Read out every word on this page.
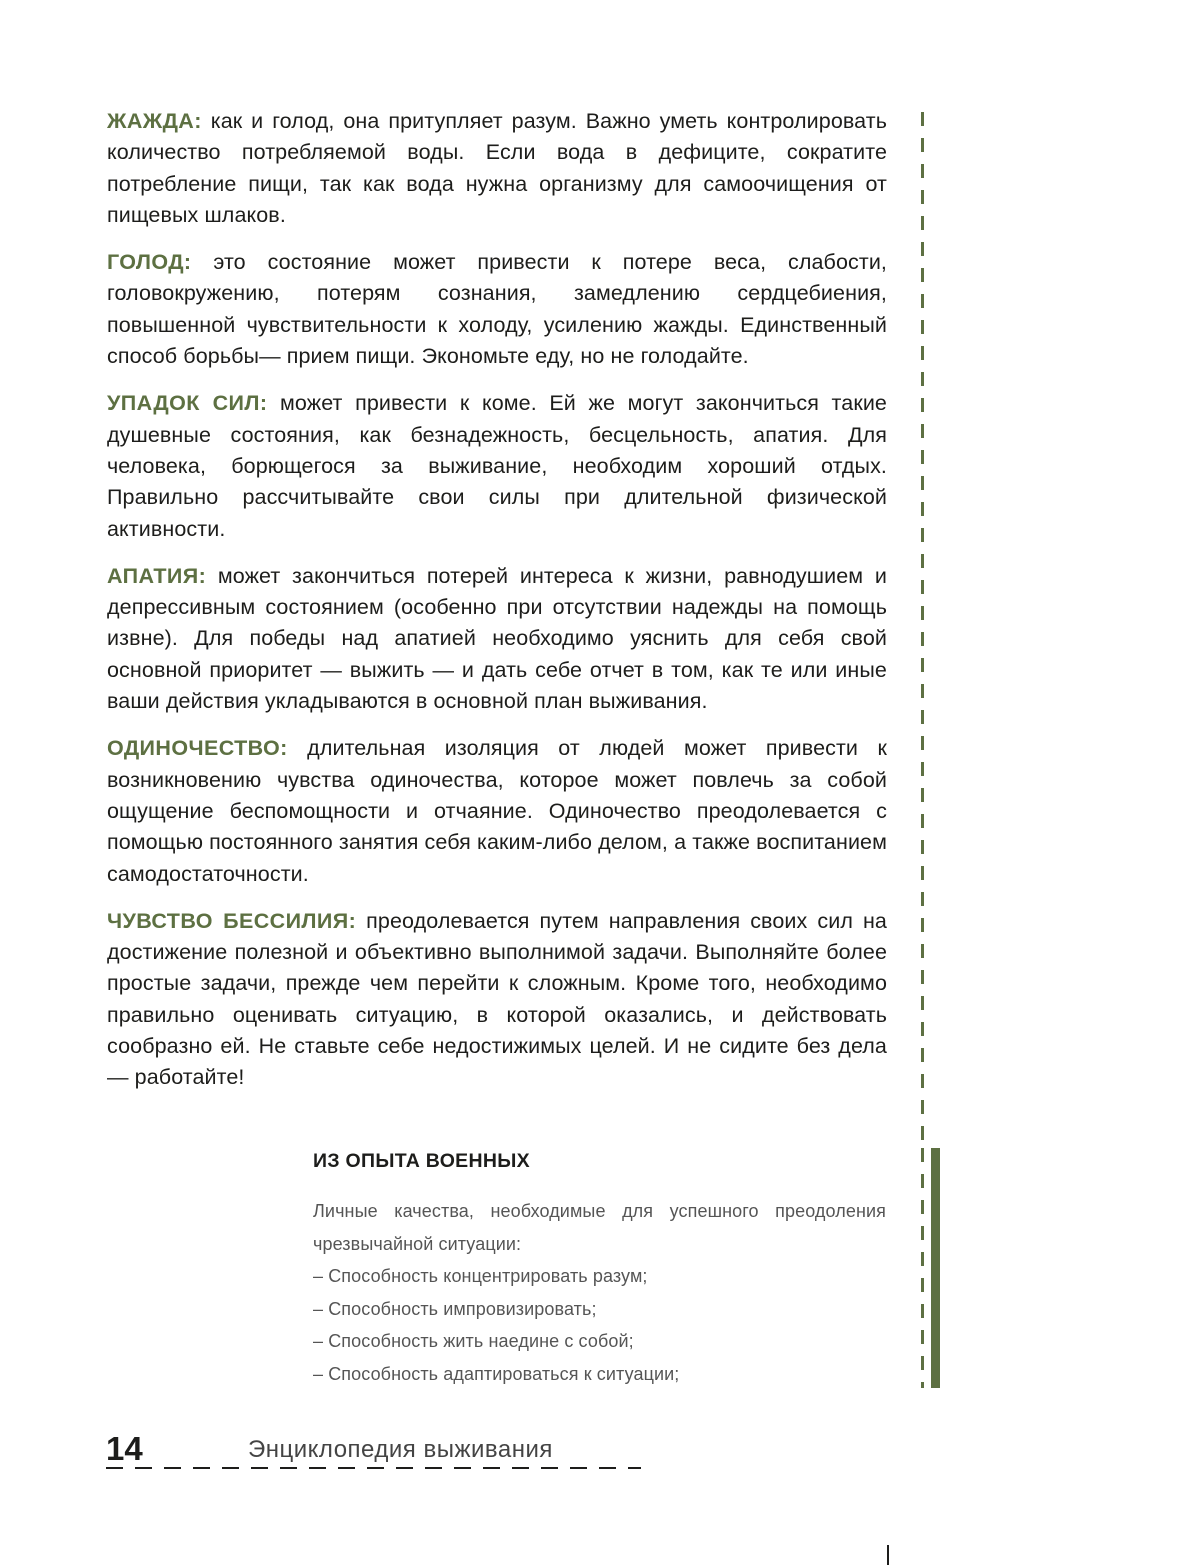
ЖАЖДА: как и голод, она притупляет разум. Важно уметь контролировать количество потребляемой воды. Если вода в дефиците, сократите потребление пищи, так как вода нужна организму для самоочищения от пищевых шлаков.

ГОЛОД: это состояние может привести к потере веса, слабости, головокружению, потерям сознания, замедлению сердцебиения, повышенной чувствительности к холоду, усилению жажды. Единственный способ борьбы— прием пищи. Экономьте еду, но не голодайте.

УПАДОК СИЛ: может привести к коме. Ей же могут закончиться такие душевные состояния, как безнадежность, бесцельность, апатия. Для человека, борющегося за выживание, необходим хороший отдых. Правильно рассчитывайте свои силы при длительной физической активности.

АПАТИЯ: может закончиться потерей интереса к жизни, равнодушием и депрессивным состоянием (особенно при отсутствии надежды на помощь извне). Для победы над апатией необходимо уяснить для себя свой основной приоритет — выжить — и дать себе отчет в том, как те или иные ваши действия укладываются в основной план выживания.

ОДИНОЧЕСТВО: длительная изоляция от людей может привести к возникновению чувства одиночества, которое может повлечь за собой ощущение беспомощности и отчаяние. Одиночество преодолевается с помощью постоянного занятия себя каким-либо делом, а также воспитанием самодостаточности.

ЧУВСТВО БЕССИЛИЯ: преодолевается путем направления своих сил на достижение полезной и объективно выполнимой задачи. Выполняйте более простые задачи, прежде чем перейти к сложным. Кроме того, необходимо правильно оценивать ситуацию, в которой оказались, и действовать сообразно ей. Не ставьте себе недостижимых целей. И не сидите без дела — работайте!

ИЗ ОПЫТА ВОЕННЫХ

Личные качества, необходимые для успешного преодоления чрезвычайной ситуации:

– Способность концентрировать разум;
– Способность импровизировать;
– Способность жить наедине с собой;
– Способность адаптироваться к ситуации;
14	Энциклопедия выживания
